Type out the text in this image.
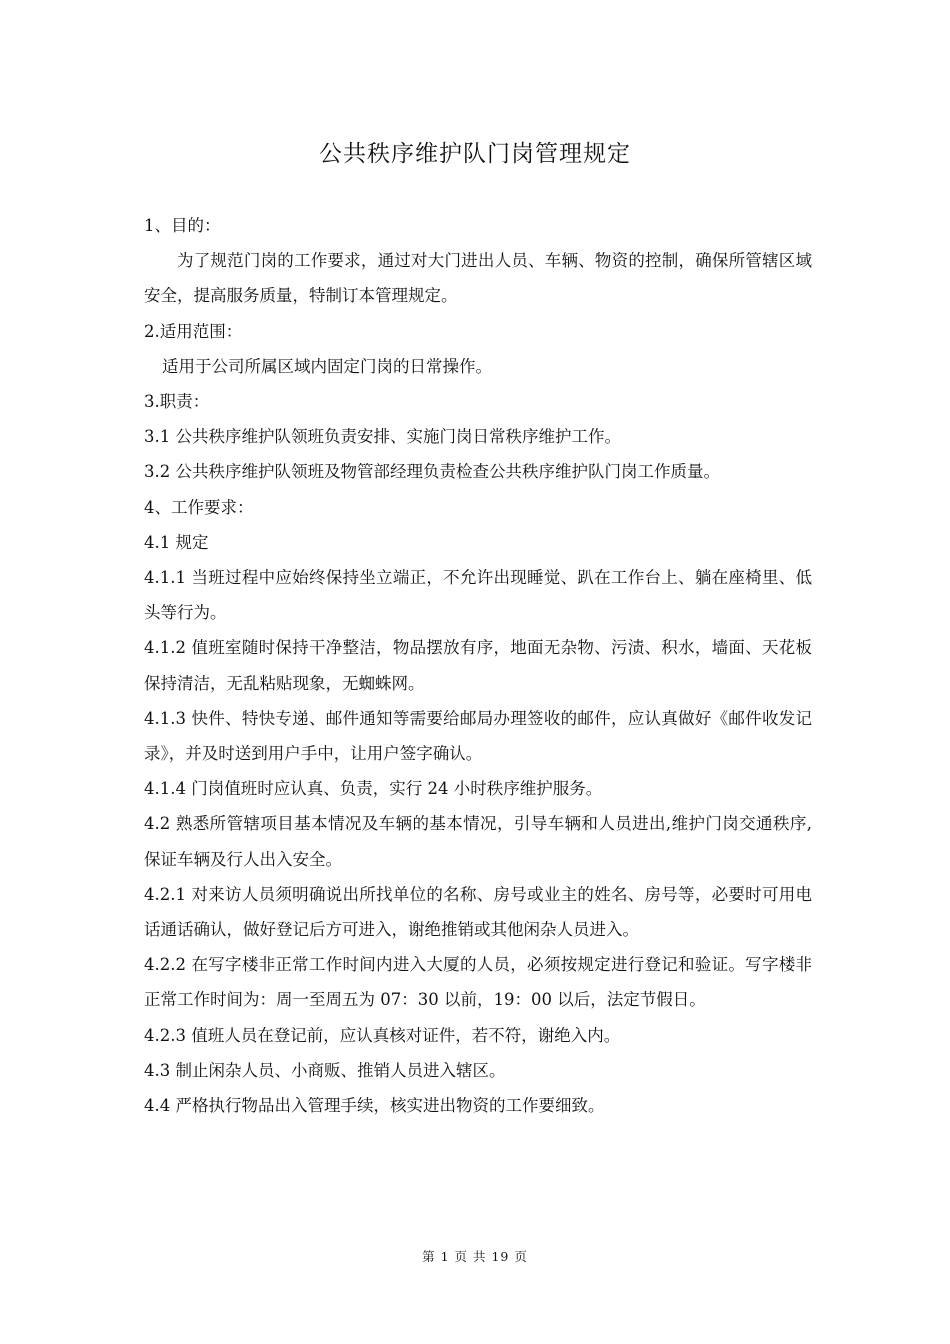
公共秩序维护队门岗管理规定

1、目的：

为了规范门岗的工作要求，通过对大门进出人员、车辆、物资的控制，确保所管辖区域安全，提高服务质量，特制订本管理规定。

2.适用范围：

适用于公司所属区域内固定门岗的日常操作。

3.职责：

3.1 公共秩序维护队领班负责安排、实施门岗日常秩序维护工作。

3.2 公共秩序维护队领班及物管部经理负责检查公共秩序维护队门岗工作质量。

4、工作要求：

4.1 规定

4.1.1 当班过程中应始终保持坐立端正，不允许出现睡觉、趴在工作台上、躺在座椅里、低头等行为。

4.1.2 值班室随时保持干净整洁，物品摆放有序，地面无杂物、污渍、积水，墙面、天花板保持清洁，无乱粘贴现象，无蜘蛛网。

4.1.3 快件、特快专递、邮件通知等需要给邮局办理签收的邮件，应认真做好《邮件收发记录》，并及时送到用户手中，让用户签字确认。

4.1.4 门岗值班时应认真、负责，实行 24 小时秩序维护服务。

4.2 熟悉所管辖项目基本情况及车辆的基本情况，引导车辆和人员进出,维护门岗交通秩序,保证车辆及行人出入安全。

4.2.1 对来访人员须明确说出所找单位的名称、房号或业主的姓名、房号等，必要时可用电话通话确认，做好登记后方可进入，谢绝推销或其他闲杂人员进入。

4.2.2 在写字楼非正常工作时间内进入大厦的人员，必须按规定进行登记和验证。写字楼非正常工作时间为：周一至周五为 07：30 以前，19：00 以后，法定节假日。

4.2.3 值班人员在登记前，应认真核对证件，若不符，谢绝入内。

4.3 制止闲杂人员、小商贩、推销人员进入辖区。

4.4 严格执行物品出入管理手续，核实进出物资的工作要细致。

第 1 页 共 19 页
